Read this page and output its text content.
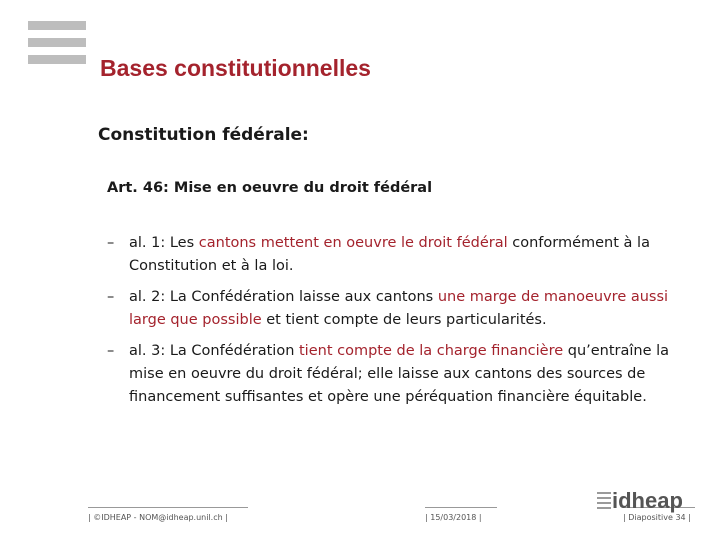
Bases constitutionnelles
Constitution fédérale:
Art. 46: Mise en oeuvre du droit fédéral
– al. 1: Les cantons mettent en oeuvre le droit fédéral conformément à la Constitution et à la loi.
– al. 2: La Confédération laisse aux cantons une marge de manoeuvre aussi large que possible et tient compte de leurs particularités.
– al. 3: La Confédération tient compte de la charge financière qu’entraîne la mise en oeuvre du droit fédéral; elle laisse aux cantons des sources de financement suffisantes et opère une péréquation financière équitable.
| ©IDHEAP - NOM@idheap.unil.ch |	| 15/03/2018 |	| Diapositive 34 |
idheap
